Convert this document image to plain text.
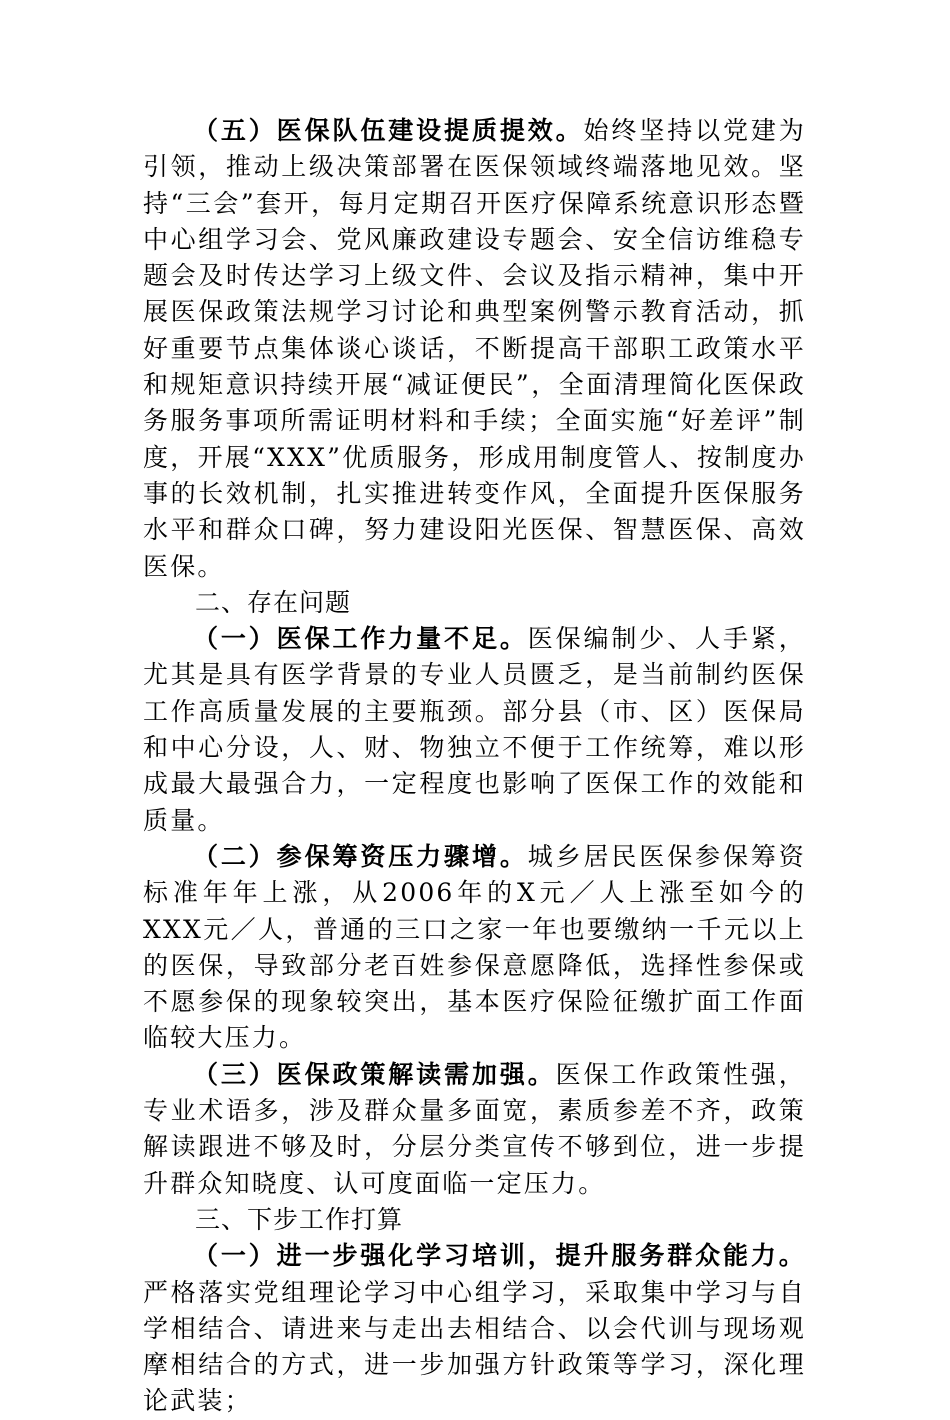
（五）医保队伍建设提质提效。始终坚持以党建为引领，推动上级决策部署在医保领域终端落地见效。坚持“三会”套开，每月定期召开医疗保障系统意识形态暨中心组学习会、党风廉政建设专题会、安全信访维稳专题会及时传达学习上级文件、会议及指示精神，集中开展医保政策法规学习讨论和典型案例警示教育活动，抓好重要节点集体谈心谈话，不断提高干部职工政策水平和规矩意识持续开展“减证便民”，全面清理简化医保政务服务事项所需证明材料和手续；全面实施“好差评”制度，开展“XXX”优质服务，形成用制度管人、按制度办事的长效机制，扎实推进转变作风，全面提升医保服务水平和群众口碑，努力建设阳光医保、智慧医保、高效医保。

二、存在问题

（一）医保工作力量不足。医保编制少、人手紧，尤其是具有医学背景的专业人员匮乏，是当前制约医保工作高质量发展的主要瓶颈。部分县（市、区）医保局和中心分设，人、财、物独立不便于工作统筹，难以形成最大最强合力，一定程度也影响了医保工作的效能和质量。

（二）参保筹资压力骤增。城乡居民医保参保筹资标准年年上涨，从2006年的X元／人上涨至如今的XXX元／人，普通的三口之家一年也要缴纳一千元以上的医保，导致部分老百姓参保意愿降低，选择性参保或不愿参保的现象较突出，基本医疗保险征缴扩面工作面临较大压力。

（三）医保政策解读需加强。医保工作政策性强，专业术语多，涉及群众量多面宽，素质参差不齐，政策解读跟进不够及时，分层分类宣传不够到位，进一步提升群众知晓度、认可度面临一定压力。

三、下步工作打算

（一）进一步强化学习培训，提升服务群众能力。严格落实党组理论学习中心组学习，采取集中学习与自学相结合、请进来与走出去相结合、以会代训与现场观摩相结合的方式，进一步加强方针政策等学习，深化理论武装；
